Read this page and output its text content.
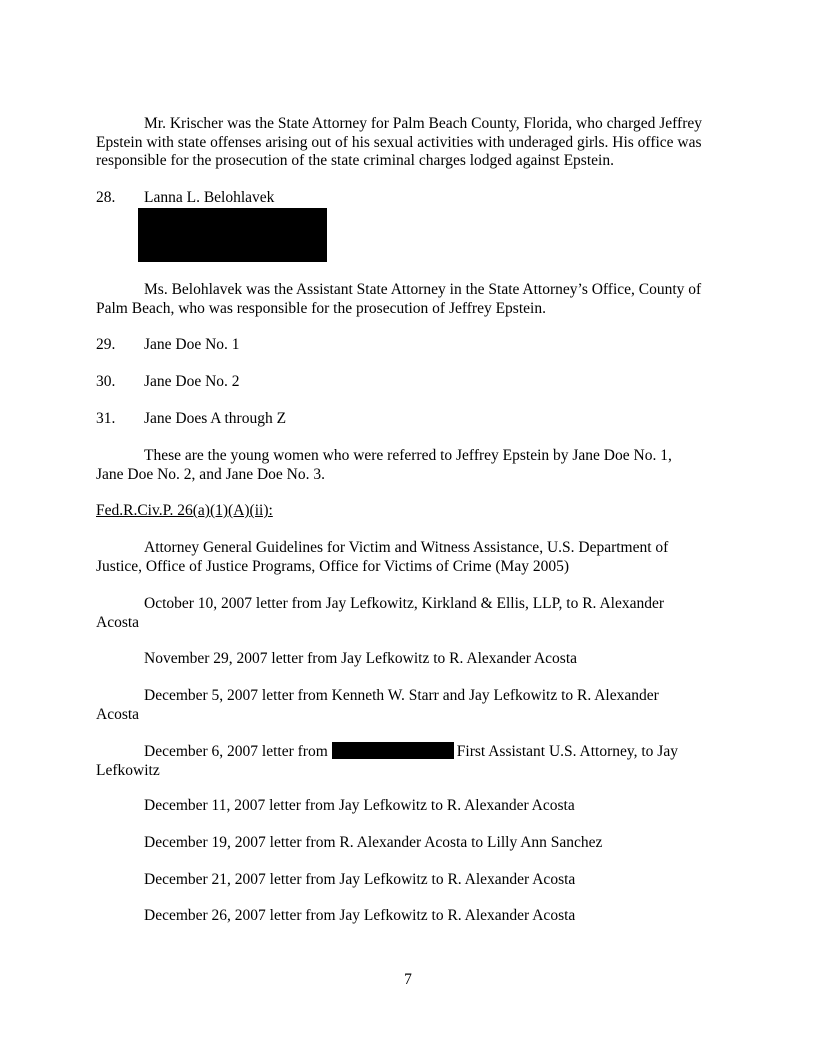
Mr. Krischer was the State Attorney for Palm Beach County, Florida, who charged Jeffrey Epstein with state offenses arising out of his sexual activities with underaged girls. His office was responsible for the prosecution of the state criminal charges lodged against Epstein.

28. Lanna L. Belohlavek

Ms. Belohlavek was the Assistant State Attorney in the State Attorney’s Office, County of Palm Beach, who was responsible for the prosecution of Jeffrey Epstein.

29. Jane Doe No. 1
30. Jane Doe No. 2
31. Jane Does A through Z

These are the young women who were referred to Jeffrey Epstein by Jane Doe No. 1, Jane Doe No. 2, and Jane Doe No. 3.

Fed.R.Civ.P. 26(a)(1)(A)(ii):

Attorney General Guidelines for Victim and Witness Assistance, U.S. Department of Justice, Office of Justice Programs, Office for Victims of Crime (May 2005)

October 10, 2007 letter from Jay Lefkowitz, Kirkland & Ellis, LLP, to R. Alexander Acosta

November 29, 2007 letter from Jay Lefkowitz to R. Alexander Acosta

December 5, 2007 letter from Kenneth W. Starr and Jay Lefkowitz to R. Alexander Acosta

December 6, 2007 letter from	First Assistant U.S. Attorney, to Jay Lefkowitz

December 11, 2007 letter from Jay Lefkowitz to R. Alexander Acosta

December 19, 2007 letter from R. Alexander Acosta to Lilly Ann Sanchez

December 21, 2007 letter from Jay Lefkowitz to R. Alexander Acosta

December 26, 2007 letter from Jay Lefkowitz to R. Alexander Acosta

7
